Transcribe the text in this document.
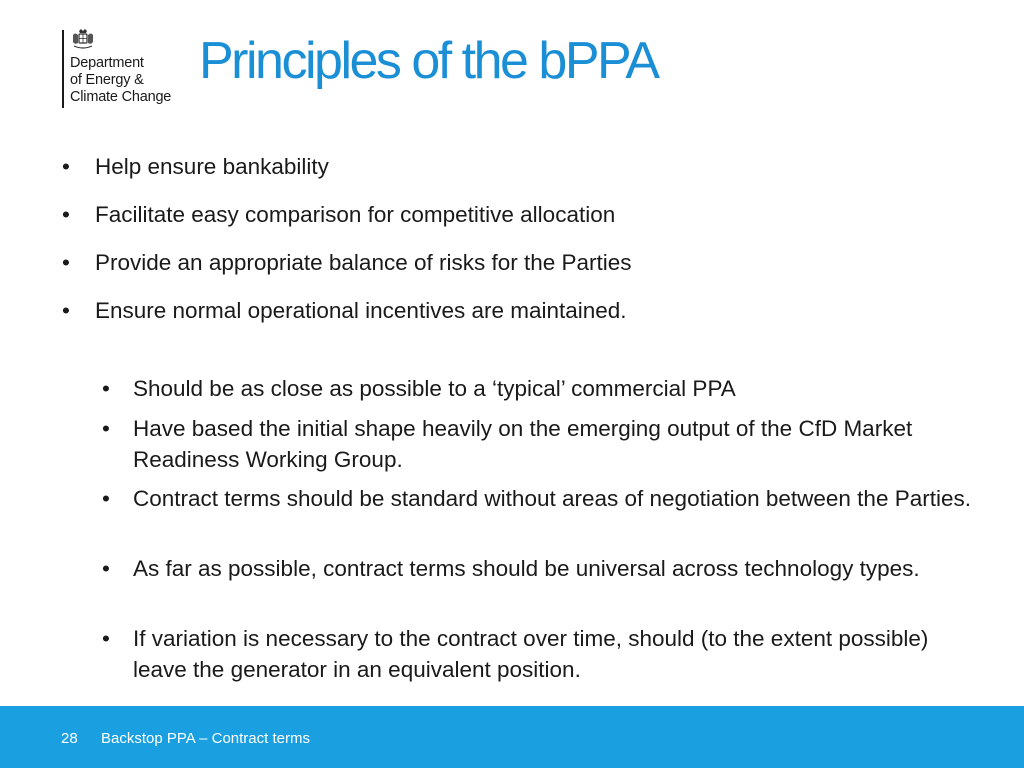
Department
of Energy &
Climate Change
Principles of the bPPA
• Help ensure bankability
• Facilitate easy comparison for competitive allocation
• Provide an appropriate balance of risks for the Parties
• Ensure normal operational incentives are maintained.
• Should be as close as possible to a ‘typical’ commercial PPA
• Have based the initial shape heavily on the emerging output of the CfD Market Readiness Working Group.
• Contract terms should be standard without areas of negotiation between the Parties.
• As far as possible, contract terms should be universal across technology types.
• If variation is necessary to the contract over time, should (to the extent possible) leave the generator in an equivalent position.
28 Backstop PPA – Contract terms
